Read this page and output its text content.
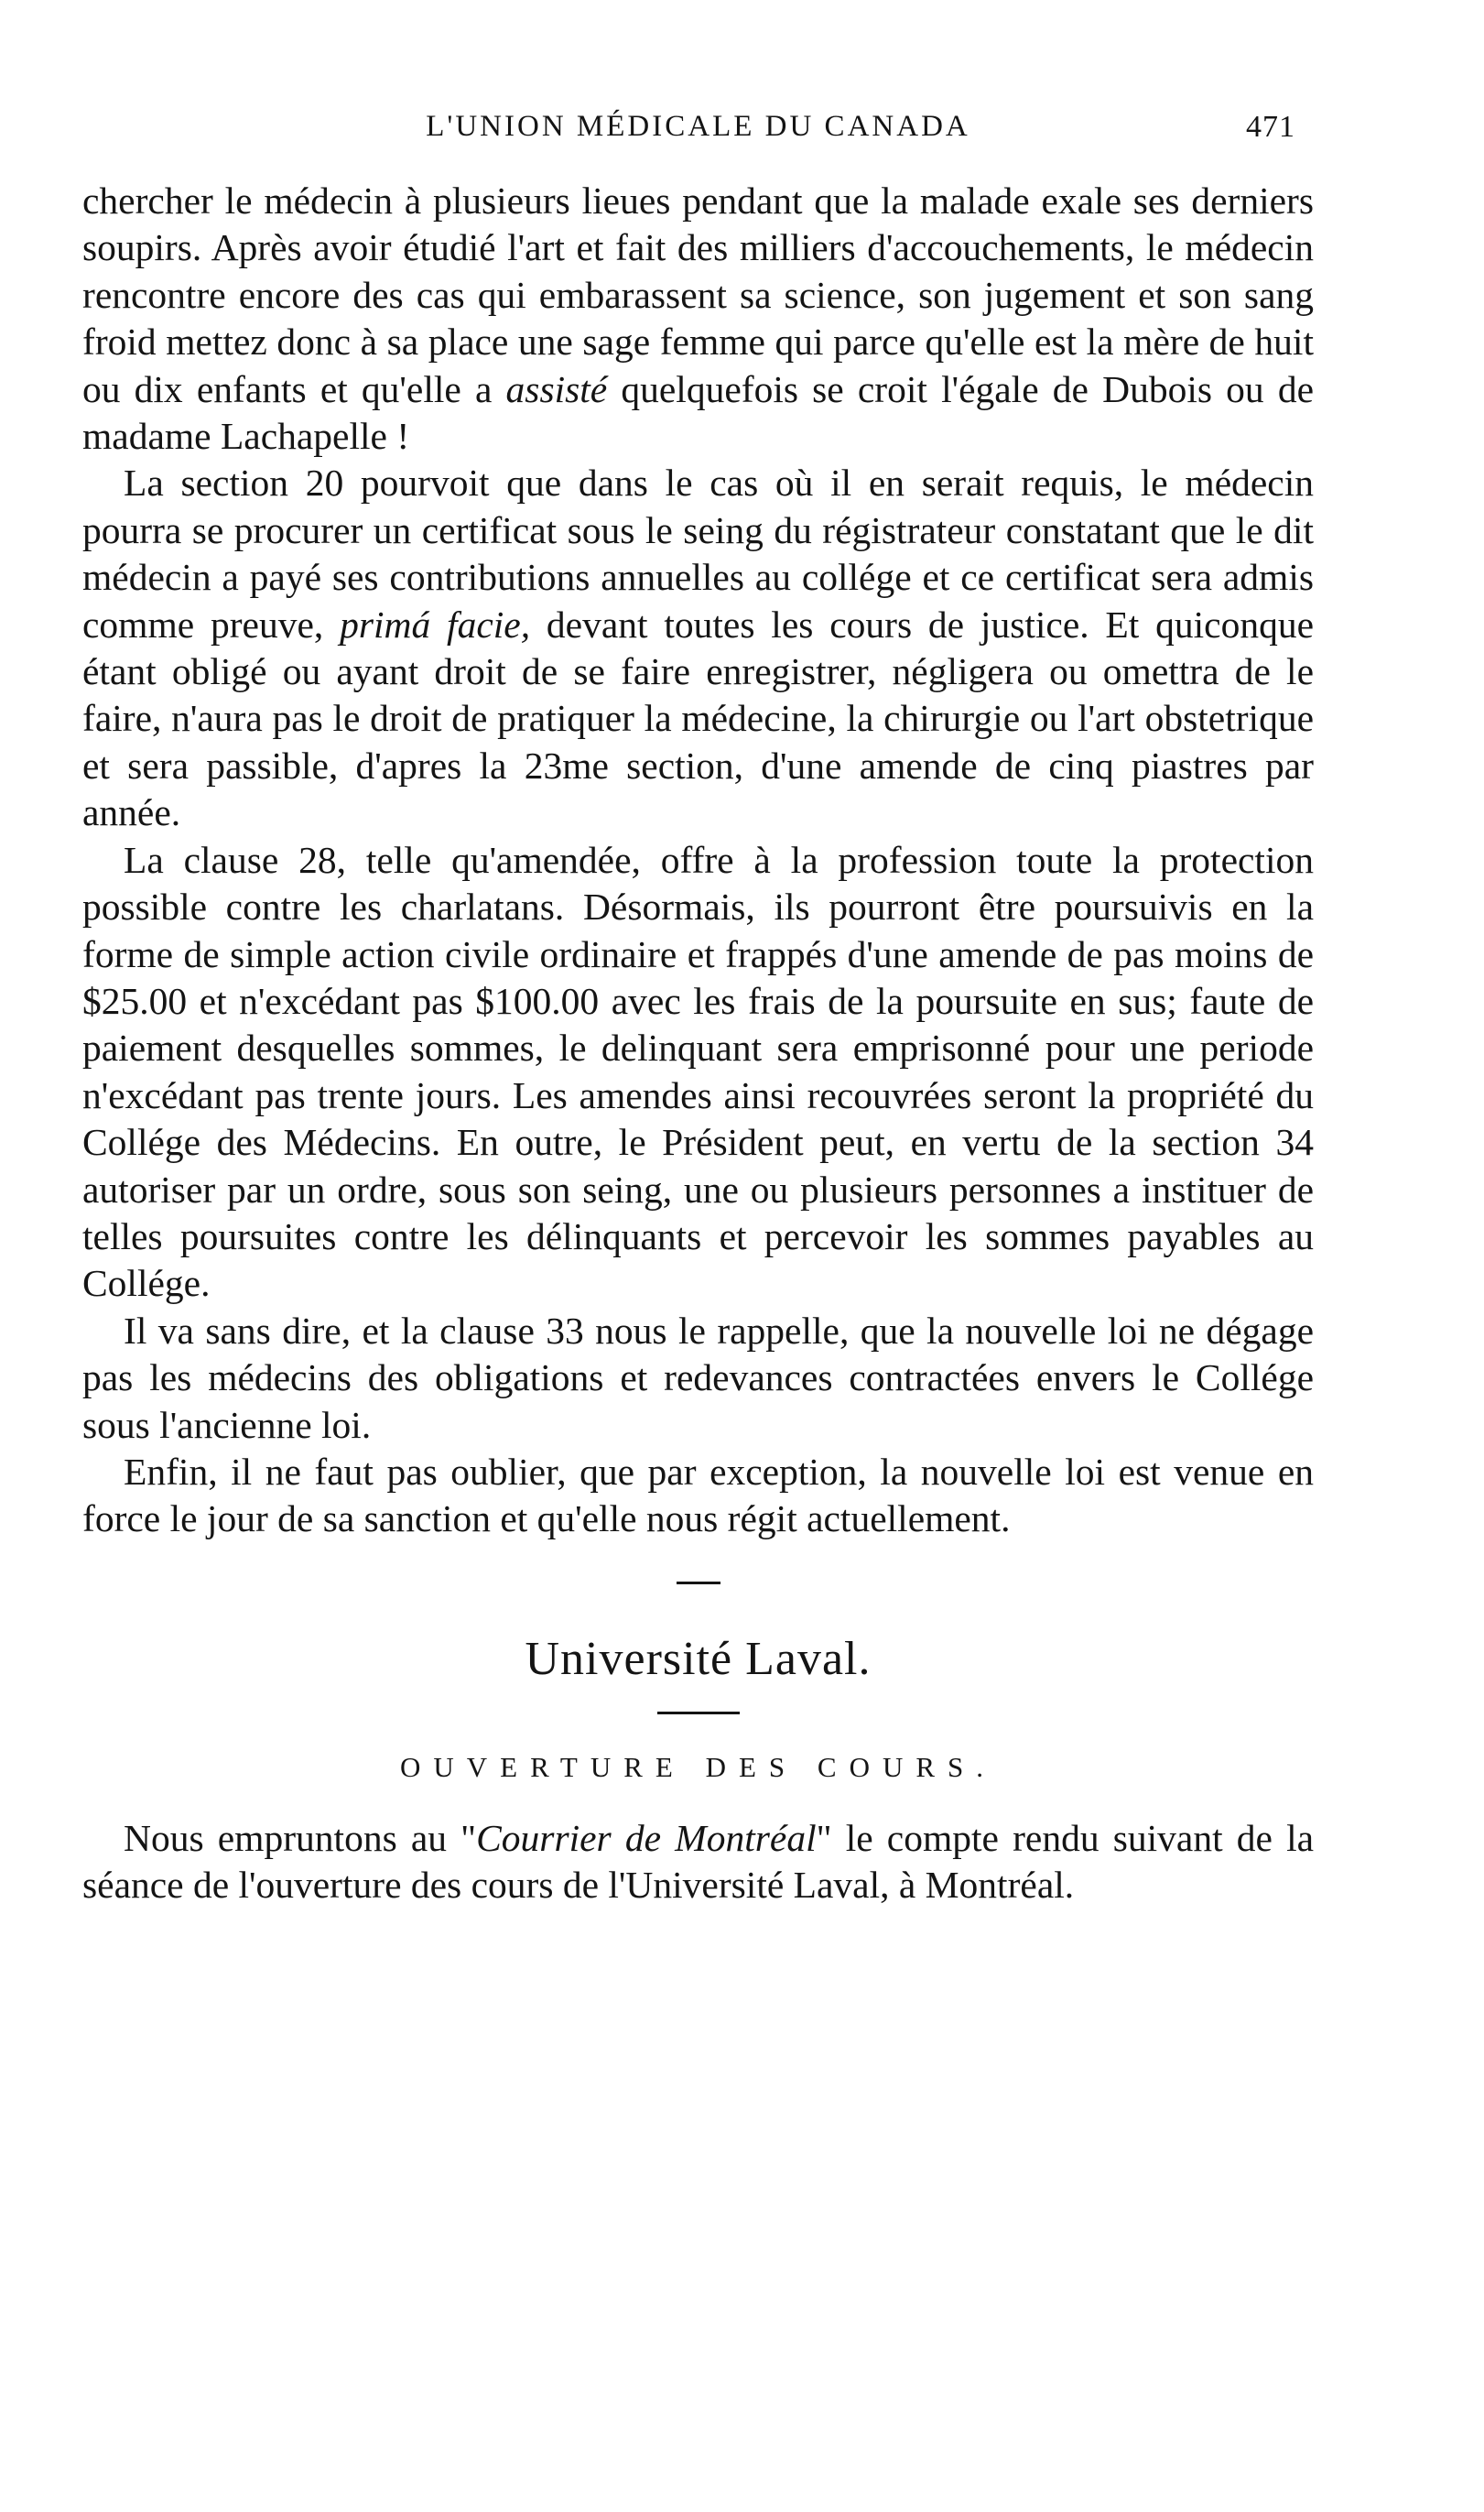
L'UNION MÉDICALE DU CANADA	471

chercher le médecin à plusieurs lieues pendant que la malade exale ses derniers soupirs. Après avoir étudié l'art et fait des milliers d'accouchements, le médecin rencontre encore des cas qui embarassent sa science, son jugement et son sang froid mettez donc à sa place une sage femme qui parce qu'elle est la mère de huit ou dix enfants et qu'elle a assisté quelquefois se croit l'égale de Dubois ou de madame Lachapelle !

La section 20 pourvoit que dans le cas où il en serait requis, le médecin pourra se procurer un certificat sous le seing du régistrateur constatant que le dit médecin a payé ses contributions annuelles au collége et ce certificat sera admis comme preuve, primá facie, devant toutes les cours de justice. Et quiconque étant obligé ou ayant droit de se faire enregistrer, négligera ou omettra de le faire, n'aura pas le droit de pratiquer la médecine, la chirurgie ou l'art obstetrique et sera passible, d'apres la 23me section, d'une amende de cinq piastres par année.

La clause 28, telle qu'amendée, offre à la profession toute la protection possible contre les charlatans. Désormais, ils pourront être poursuivis en la forme de simple action civile ordinaire et frappés d'une amende de pas moins de $25.00 et n'excédant pas $100.00 avec les frais de la poursuite en sus; faute de paiement desquelles sommes, le delinquant sera emprisonné pour une periode n'excédant pas trente jours. Les amendes ainsi recouvrées seront la propriété du Collége des Médecins. En outre, le Président peut, en vertu de la section 34 autoriser par un ordre, sous son seing, une ou plusieurs personnes a instituer de telles poursuites contre les délinquants et percevoir les sommes payables au Collége.

Il va sans dire, et la clause 33 nous le rappelle, que la nouvelle loi ne dégage pas les médecins des obligations et redevances contractées envers le Collége sous l'ancienne loi.

Enfin, il ne faut pas oublier, que par exception, la nouvelle loi est venue en force le jour de sa sanction et qu'elle nous régit actuellement.

Université Laval.
OUVERTURE DES COURS.

Nous empruntons au "Courrier de Montréal" le compte rendu suivant de la séance de l'ouverture des cours de l'Université Laval, à Montréal.
